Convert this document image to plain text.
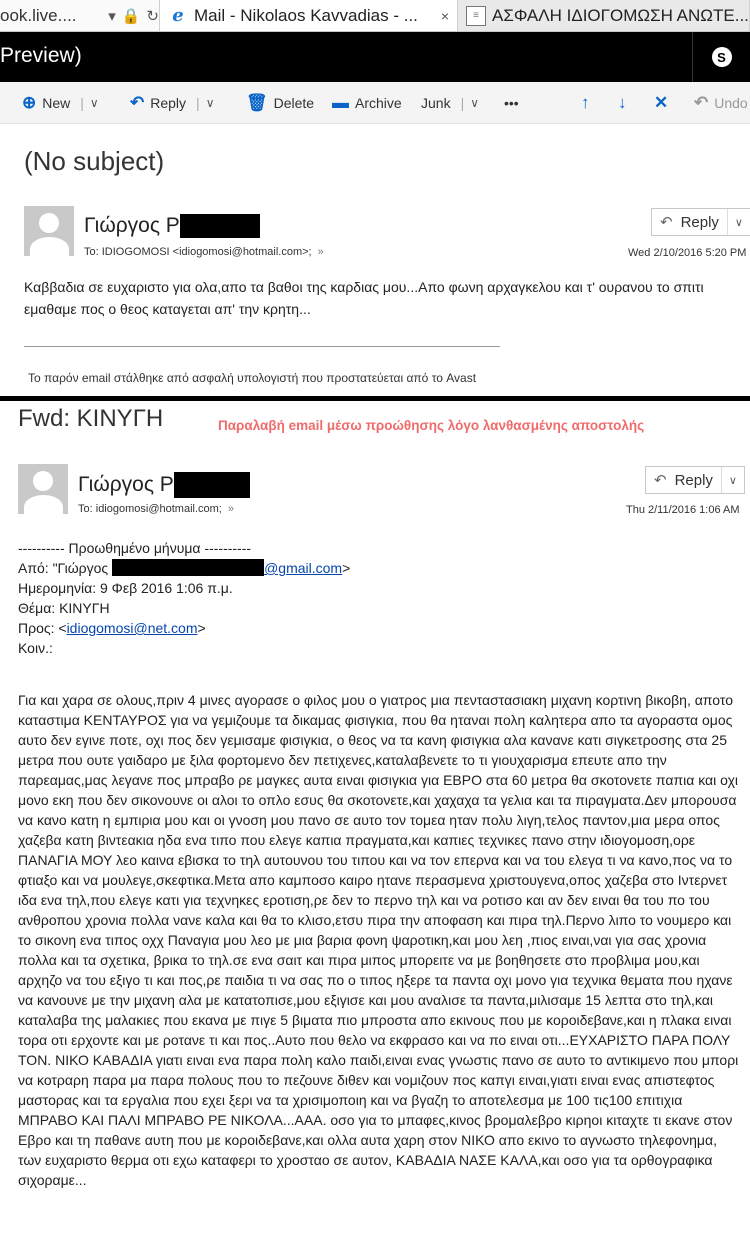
ook.live....	▾ 🔒 ↻ e Mail - Nikolaos Kavvadias - ... ×	≡ ΑΣΦΑΛΗ ΙΔΙΟΓΟΜΩΣΗ ΑΝΩΤΕ...
Preview)	S
⊕ New | ∨ ↶ Reply | ∨ 🗑 Delete ▬ Archive Junk | ∨ •••	↑ ↓ ✕ ↶ Undo
(No subject)
Γιώργος Ρ
To: IDIOGOMOSI <idiogomosi@hotmail.com>; »
↶ Reply	∨
Wed 2/10/2016 5:20 PM
Καββαδια σε ευχαριστο για ολα,απο τα βαθοι της καρδιας μου...Απο φωνη αρχαγκελου και τ' ουρανου το σπιτι εμαθαμε πος ο θεος καταγεται απ' την κρητη...
Το παρόν email στάλθηκε από ασφαλή υπολογιστή που προστατεύεται από το Avast
Fwd: ΚΙΝΥΓΗ	Παραλαβή email μέσω προώθησης λόγο λανθασμένης αποστολής
Γιώργος Ρ
To: idiogomosi@hotmail.com; »
↶ Reply	∨
Thu 2/11/2016 1:06 AM
---------- Προωθημένο μήνυμα ----------
Από: "Γιώργος	@gmail.com>
Ημερομηνία: 9 Φεβ 2016 1:06 π.μ.
Θέμα: ΚΙΝΥΓΗ
Προς: <idiogomosi@net.com>
Κοιν.:
Για και χαρα σε ολους,πριν 4 μινες αγορασε ο φιλος μου ο γιατρος μια πενταστασιακη μιχανη κορτινη βικοβη, αποτο καταστιμα ΚΕΝΤΑΥΡΟΣ για να γεμιζουμε τα δικαμας φισιγκια, που θα ηταναι πολη καλητερα απο τα αγοραστα ομος αυτο δεν εγινε ποτε, οχι πος δεν γεμισαμε φισιγκια, ο θεος να τα κανη φισιγκια αλα κανανε κατι σιγκετροσης στα 25 μετρα που ουτε γαιδαρο με ξιλα φορτομενο δεν πετιχενες,καταλαβενετε το τι γιουχαρισμα επευτε απο την παρεαμας,μας λεγανε πος μπραβο ρε μαγκες αυτα ειναι φισιγκια για ΕΒΡΟ στα 60 μετρα θα σκοτονετε παπια και οχι μονο εκη που δεν σικονουνε οι αλοι το οπλο εσυς θα σκοτονετε,και χαχαχα τα γελια και τα πιραγματα.Δεν μπορουσα να κανο κατη η εμπιρια μου και οι γνοση μου πανο σε αυτο τον τομεα ηταν πολυ λιγη,τελος παντον,μια μερα οπος χαζεβα κατη βιντεακια ηδα ενα τιπο που ελεγε καπια πραγματα,και καπιες τεχνικες πανο στην ιδιογομοση,ορε ΠΑΝΑΓΙΑ ΜΟΥ λεο καινα εβισκα το τηλ αυτουνου του τιπου και να τον επερνα και να του ελεγα τι να κανο,πος να το φτιαξο και να μουλεγε,σκεφτικα.Μετα απο καμποσο καιρο ητανε περασμενα χριστουγενα,οπος χαζεβα στο Ιντερνετ ιδα ενα τηλ,που ελεγε κατι για τεχνηκες εροτιση,ρε δεν το περνο τηλ και να ροτισο και αν δεν ειναι θα του πο του ανθροπου χρονια πολλα νανε καλα και θα το κλισο,ετσυ πιρα την αποφαση και πιρα τηλ.Περνο λιπο το νουμερο και το σικονη ενα τιπος οχχ Παναγια μου λεο με μια βαρια φονη ψαροτικη,και μου λεη ,πιος ειναι,ναι για σας χρονια πολλα και τα σχετικα, βρικα το τηλ.σε ενα σαιτ και πιρα μιπος μπορειτε να με βοηθησετε στο προβλιμα μου,και αρχηζο να του εξιγο τι και πος,ρε παιδια τι να σας πο ο τιπος ηξερε τα παντα οχι μονο για τεχνικα θεματα που ηχανε να κανουνε με την μιχανη αλα με κατατοπισε,μου εξιγισε και μου αναλισε τα παντα,μιλισαμε 15 λεπτα στο τηλ,και καταλαβα της μαλακιες που εκανα με πιγε 5 βιματα πιο μπροστα απο εκινους που με κοροιδεβανε,και η πλακα ειναι τορα οτι ερχοντε και με ροτανε τι και πος..Αυτο που θελο να εκφρασο και να πο ειναι οτι...ΕΥΧΑΡΙΣΤΟ ΠΑΡΑ ΠΟΛΥ ΤΟΝ. ΝΙΚΟ ΚΑΒΑΔΙΑ γιατι ειναι ενα παρα πολη καλο παιδι,ειναι ενας γνωστις πανο σε αυτο το αντικιμενο που μπορι να κοτραρη παρα μα παρα πολους που το πεζουνε διθεν και νομιζουν πος καπγι ειναι,γιατι ειναι ενας απιστεφτος μαστορας και τα εργαλια που εχει ξερι να τα χρισιμοποιη και να βγαζη το αποτελεσμα με 100 τις100 επιτιχια ΜΠΡΑΒΟ ΚΑΙ ΠΑΛΙ ΜΠΡΑΒΟ ΡΕ ΝΙΚΟΛΑ...ΑΑΑ. οσο για το μπαφες,κινος βρομαλεβρο κιρηοι κιταχτε τι εκανε στον Εβρο και τη παθανε αυτη που με κοροιδεβανε,και ολλα αυτα χαρη στον ΝΙΚΟ απο εκινο το αγνωστο τηλεφονημα, των ευχαριστο θερμα οτι εχω καταφερι το χροσταο σε αυτον, ΚΑΒΑΔΙΑ ΝΑΣΕ ΚΑΛΑ,και οσο για τα ορθογραφικα σιχοραμε...
